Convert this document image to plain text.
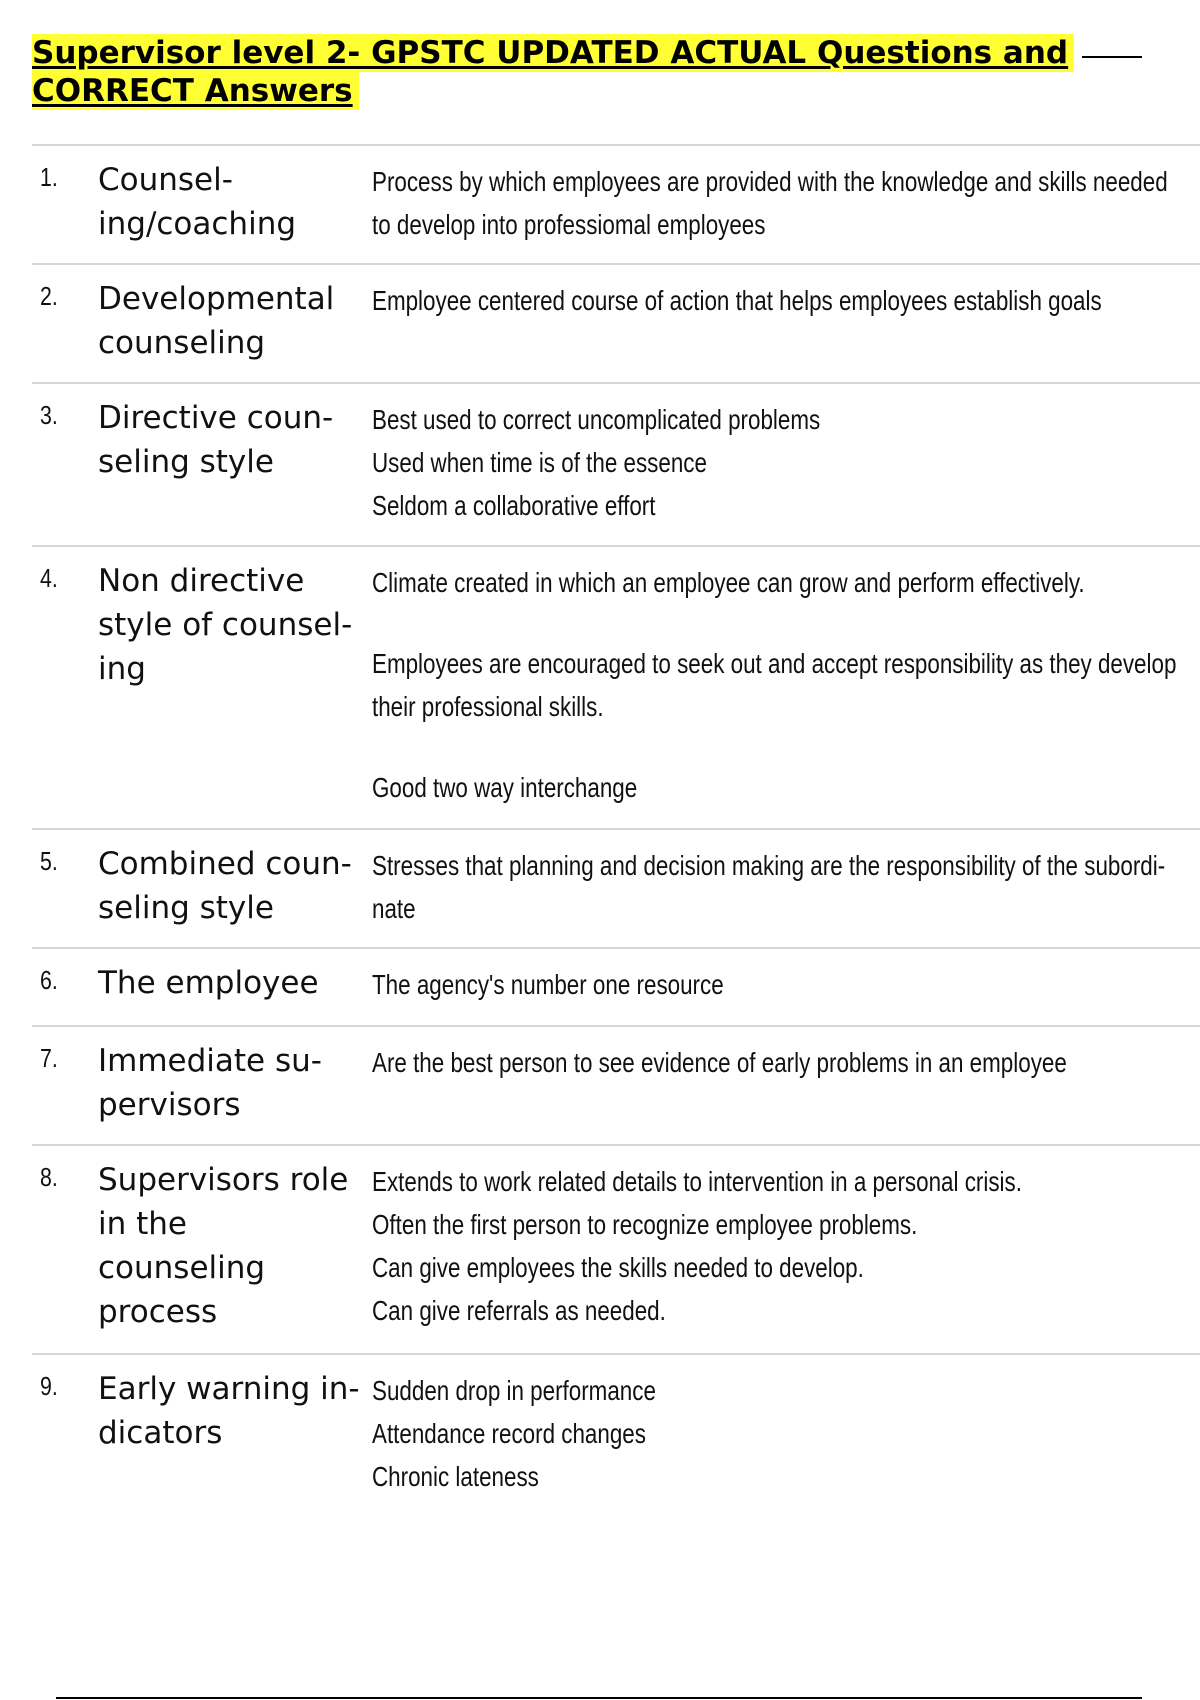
Supervisor level 2- GPSTC UPDATED ACTUAL Questions and
CORRECT Answers
1. Counsel-
ing/coaching
Process by which employees are provided with the knowledge and skills needed
to develop into professiomal employees
2. Developmental
counseling
Employee centered course of action that helps employees establish goals
3. Directive coun-
seling style
Best used to correct uncomplicated problems
Used when time is of the essence
Seldom a collaborative effort
4. Non directive
style of counsel-
ing
Climate created in which an employee can grow and perform effectively.
Employees are encouraged to seek out and accept responsibility as they develop
their professional skills.
Good two way interchange
5. Combined coun-
seling style
Stresses that planning and decision making are the responsibility of the subordi-
nate
6. The employee	The agency's number one resource
7. Immediate su-
pervisors
Are the best person to see evidence of early problems in an employee
8. Supervisors role
in the counseling
process
Extends to work related details to intervention in a personal crisis.
Often the first person to recognize employee problems.
Can give employees the skills needed to develop.
Can give referrals as needed.
9. Early warning in-
dicators
Sudden drop in performance
Attendance record changes
Chronic lateness
